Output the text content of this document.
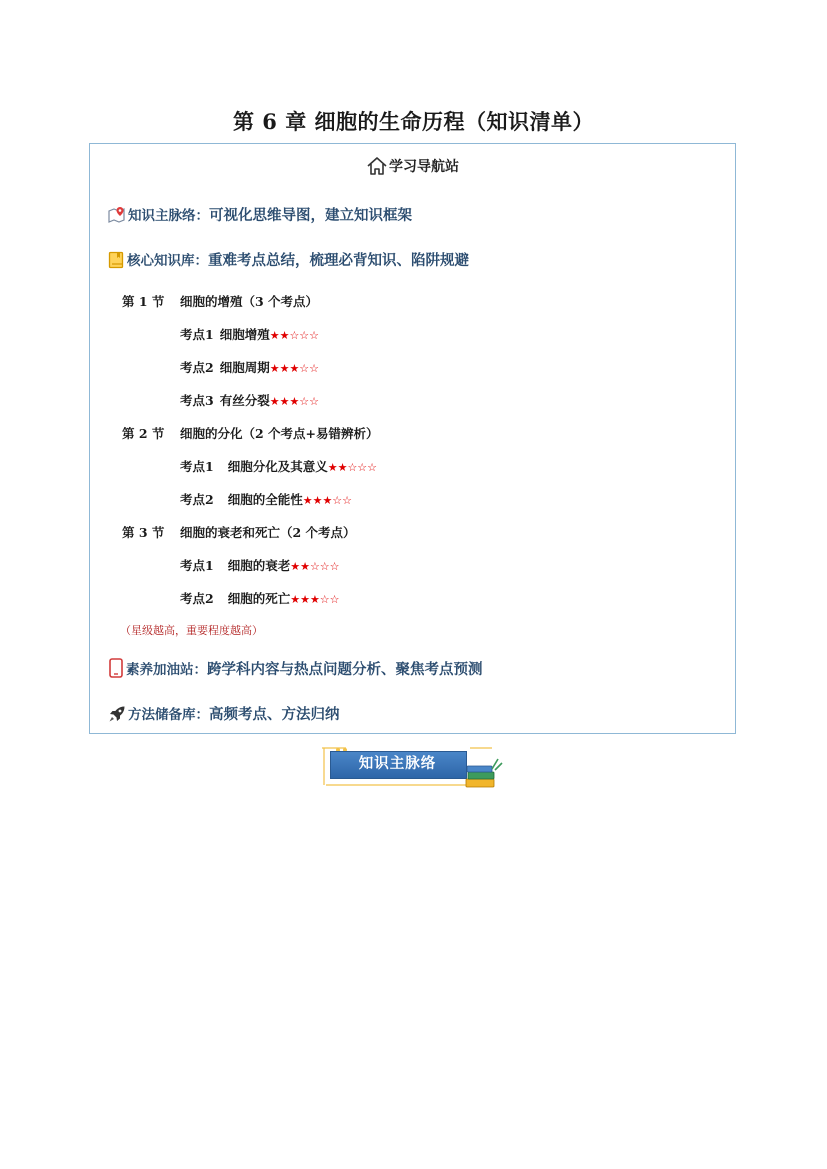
第 6 章 细胞的生命历程（知识清单）
学习导航站
知识主脉络：可视化思维导图，建立知识框架
核心知识库：重难考点总结，梳理必背知识、陷阱规避
第 1 节 细胞的增殖（3 个考点）
考点1 细胞增殖★★☆☆☆
考点2 细胞周期★★★☆☆
考点3 有丝分裂★★★☆☆
第 2 节 细胞的分化（2 个考点+易错辨析）
考点1 细胞分化及其意义★★☆☆☆
考点2 细胞的全能性★★★☆☆
第 3 节 细胞的衰老和死亡（2 个考点）
考点1 细胞的衰老★★☆☆☆
考点2 细胞的死亡★★★☆☆
（星级越高，重要程度越高）
素养加油站：跨学科内容与热点问题分析、聚焦考点预测
方法储备库：高频考点、方法归纳
知识主脉络
